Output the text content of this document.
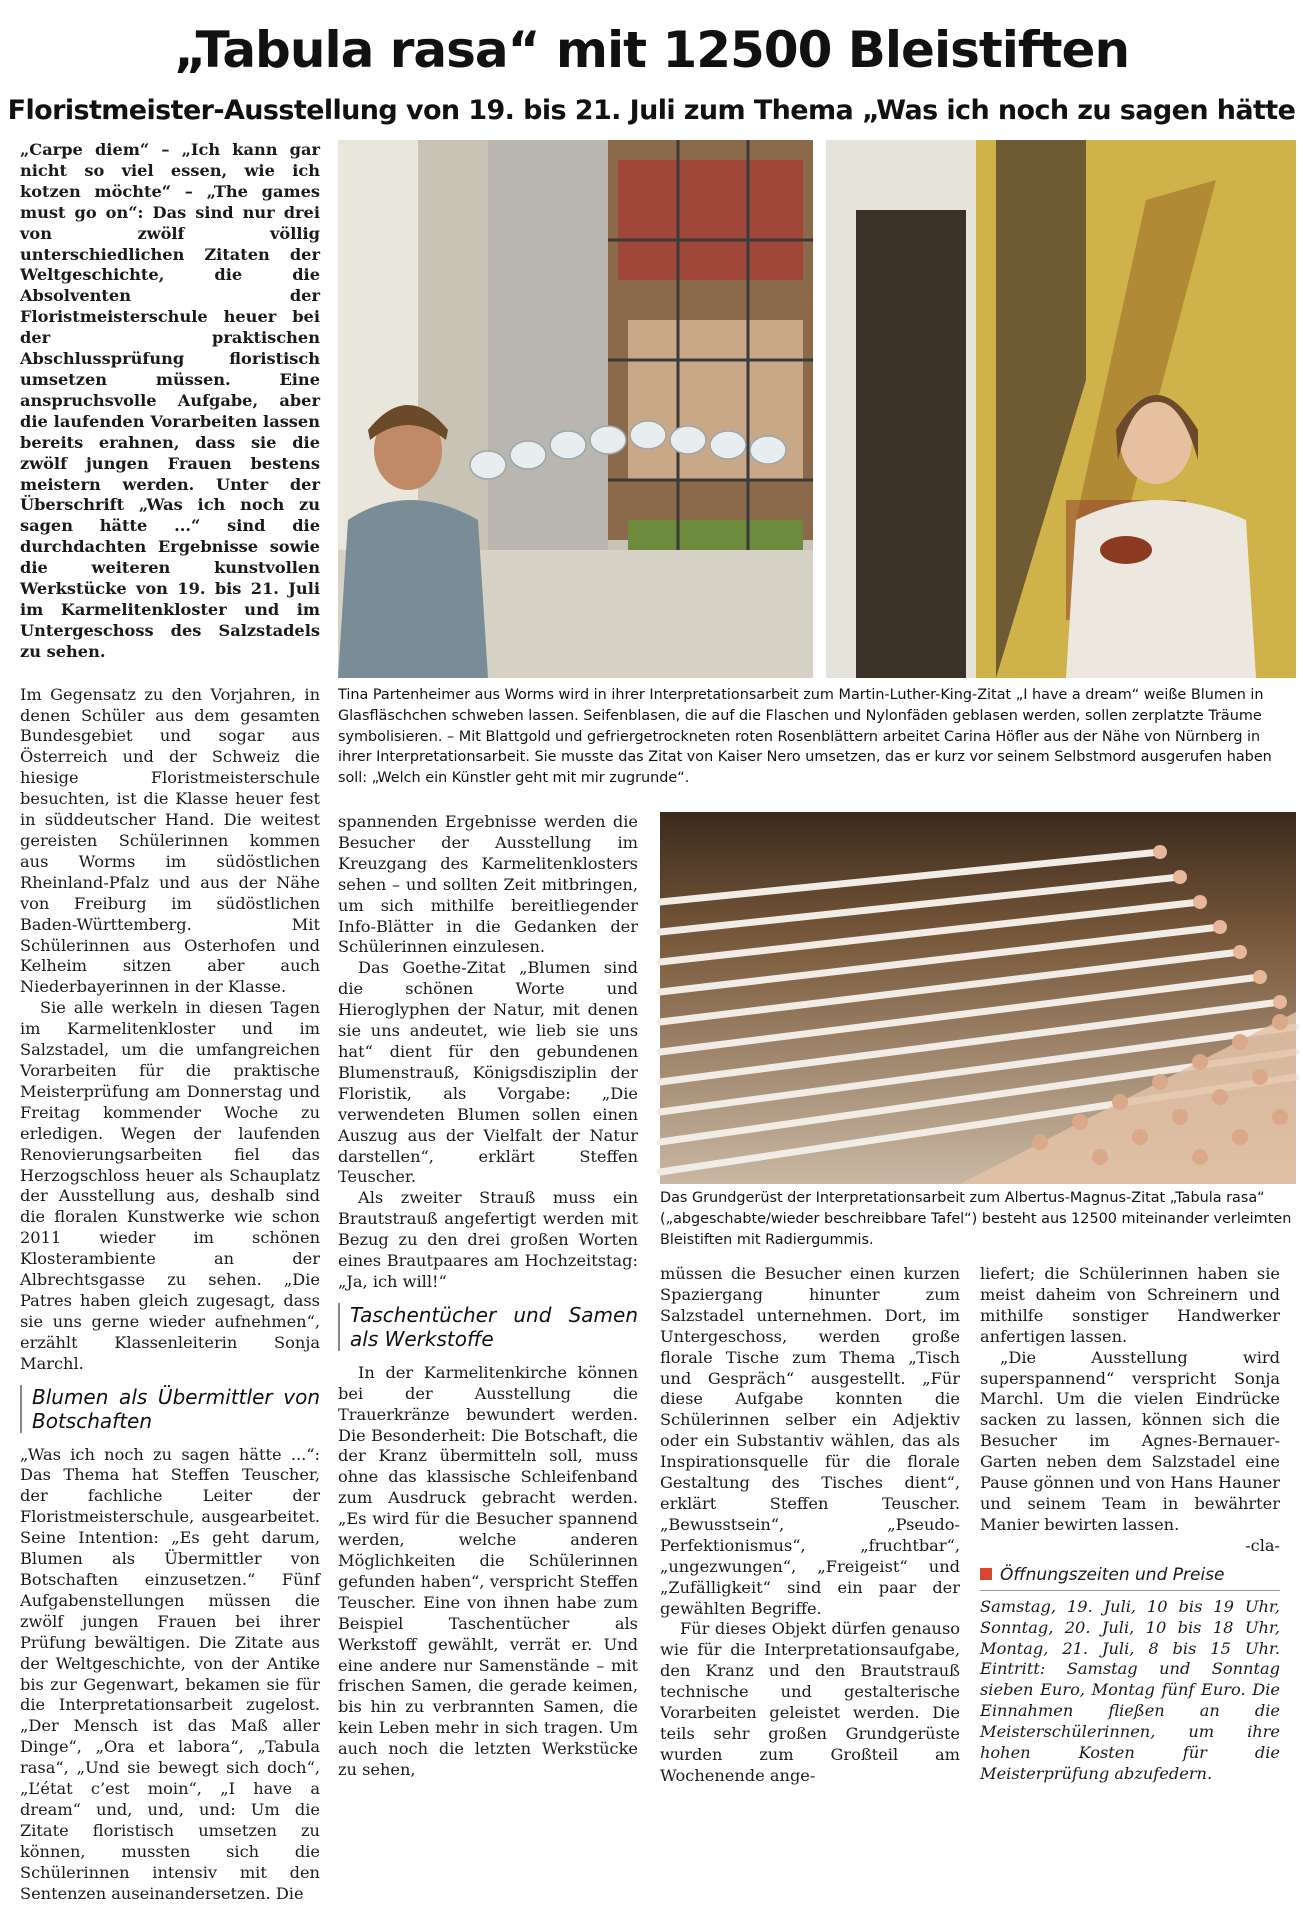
„Tabula rasa“ mit 12500 Bleistiften
Floristmeister-Ausstellung von 19. bis 21. Juli zum Thema „Was ich noch zu sagen hätte

„Carpe diem“ – „Ich kann gar nicht so viel essen, wie ich kotzen möchte“ – „The games must go on“: Das sind nur drei von zwölf völlig unterschiedlichen Zitaten der Weltgeschichte, die die Absolventen der Floristmeisterschule heuer bei der praktischen Abschlussprüfung floristisch umsetzen müssen. Eine anspruchsvolle Aufgabe, aber die laufenden Vorarbeiten lassen bereits erahnen, dass sie die zwölf jungen Frauen bestens meistern werden. Unter der Überschrift „Was ich noch zu sagen hätte ...“ sind die durchdachten Ergebnisse sowie die weiteren kunstvollen Werkstücke von 19. bis 21. Juli im Karmelitenkloster und im Untergeschoss des Salzstadels zu sehen.

Im Gegensatz zu den Vorjahren, in denen Schüler aus dem gesamten Bundesgebiet und sogar aus Österreich und der Schweiz die hiesige Floristmeisterschule besuchten, ist die Klasse heuer fest in süddeutscher Hand. Die weitest gereisten Schülerinnen kommen aus Worms im südöstlichen Rheinland-Pfalz und aus der Nähe von Freiburg im südöstlichen Baden-Württemberg. Mit Schülerinnen aus Osterhofen und Kelheim sitzen aber auch Niederbayerinnen in der Klasse.

Sie alle werkeln in diesen Tagen im Karmelitenkloster und im Salzstadel, um die umfangreichen Vorarbeiten für die praktische Meisterprüfung am Donnerstag und Freitag kommender Woche zu erledigen. Wegen der laufenden Renovierungsarbeiten fiel das Herzogschloss heuer als Schauplatz der Ausstellung aus, deshalb sind die floralen Kunstwerke wie schon 2011 wieder im schönen Klosterambiente an der Albrechtsgasse zu sehen. „Die Patres haben gleich zugesagt, dass sie uns gerne wieder aufnehmen“, erzählt Klassenleiterin Sonja Marchl.

Blumen als Übermittler von Botschaften

„Was ich noch zu sagen hätte ...“: Das Thema hat Steffen Teuscher, der fachliche Leiter der Floristmeisterschule, ausgearbeitet. Seine Intention: „Es geht darum, Blumen als Übermittler von Botschaften einzusetzen.“ Fünf Aufgabenstellungen müssen die zwölf jungen Frauen bei ihrer Prüfung bewältigen. Die Zitate aus der Weltgeschichte, von der Antike bis zur Gegenwart, bekamen sie für die Interpretationsarbeit zugelost. „Der Mensch ist das Maß aller Dinge“, „Ora et labora“, „Tabula rasa“, „Und sie bewegt sich doch“, „L’état c’est moin“, „I have a dream“ und, und, und: Um die Zitate floristisch umsetzen zu können, mussten sich die Schülerinnen intensiv mit den Sentenzen auseinandersetzen. Die

Tina Partenheimer aus Worms wird in ihrer Interpretationsarbeit zum Martin-Luther-King-Zitat „I have a dream“ weiße Blumen in Glasfläschchen schweben lassen. Seifenblasen, die auf die Flaschen und Nylonfäden geblasen werden, sollen zerplatzte Träume symbolisieren. – Mit Blattgold und gefriergetrockneten roten Rosenblättern arbeitet Carina Höfler aus der Nähe von Nürnberg in ihrer Interpretationsarbeit. Sie musste das Zitat von Kaiser Nero umsetzen, das er kurz vor seinem Selbstmord ausgerufen haben soll: „Welch ein Künstler geht mit mir zugrunde“.

spannenden Ergebnisse werden die Besucher der Ausstellung im Kreuzgang des Karmelitenklosters sehen – und sollten Zeit mitbringen, um sich mithilfe bereitliegender Info-Blätter in die Gedanken der Schülerinnen einzulesen.

Das Goethe-Zitat „Blumen sind die schönen Worte und Hieroglyphen der Natur, mit denen sie uns andeutet, wie lieb sie uns hat“ dient für den gebundenen Blumenstrauß, Königsdisziplin der Floristik, als Vorgabe: „Die verwendeten Blumen sollen einen Auszug aus der Vielfalt der Natur darstellen“, erklärt Steffen Teuscher.

Als zweiter Strauß muss ein Brautstrauß angefertigt werden mit Bezug zu den drei großen Worten eines Brautpaares am Hochzeitstag: „Ja, ich will!“

Taschentücher und Samen als Werkstoffe

In der Karmelitenkirche können bei der Ausstellung die Trauerkränze bewundert werden. Die Besonderheit: Die Botschaft, die der Kranz übermitteln soll, muss ohne das klassische Schleifenband zum Ausdruck gebracht werden. „Es wird für die Besucher spannend werden, welche anderen Möglichkeiten die Schülerinnen gefunden haben“, verspricht Steffen Teuscher. Eine von ihnen habe zum Beispiel Taschentücher als Werkstoff gewählt, verrät er. Und eine andere nur Samenstände – mit frischen Samen, die gerade keimen, bis hin zu verbrannten Samen, die kein Leben mehr in sich tragen. Um auch noch die letzten Werkstücke zu sehen,

Das Grundgerüst der Interpretationsarbeit zum Albertus-Magnus-Zitat „Tabula rasa“ („abgeschabte/wieder beschreibbare Tafel“) besteht aus 12500 miteinander verleimten Bleistiften mit Radiergummis.

müssen die Besucher einen kurzen Spaziergang hinunter zum Salzstadel unternehmen. Dort, im Untergeschoss, werden große florale Tische zum Thema „Tisch und Gespräch“ ausgestellt. „Für diese Aufgabe konnten die Schülerinnen selber ein Adjektiv oder ein Substantiv wählen, das als Inspirationsquelle für die florale Gestaltung des Tisches dient“, erklärt Steffen Teuscher. „Bewusstsein“, „Pseudo-Perfektionismus“, „fruchtbar“, „ungezwungen“, „Freigeist“ und „Zufälligkeit“ sind ein paar der gewählten Begriffe.

Für dieses Objekt dürfen genauso wie für die Interpretationsaufgabe, den Kranz und den Brautstrauß technische und gestalterische Vorarbeiten geleistet werden. Die teils sehr großen Grundgerüste wurden zum Großteil am Wochenende ange-

liefert; die Schülerinnen haben sie meist daheim von Schreinern und mithilfe sonstiger Handwerker anfertigen lassen.

„Die Ausstellung wird superspannend“ verspricht Sonja Marchl. Um die vielen Eindrücke sacken zu lassen, können sich die Besucher im Agnes-Bernauer-Garten neben dem Salzstadel eine Pause gönnen und von Hans Hauner und seinem Team in bewährter Manier bewirten lassen.

-cla-

Öffnungszeiten und Preise

Samstag, 19. Juli, 10 bis 19 Uhr, Sonntag, 20. Juli, 10 bis 18 Uhr, Montag, 21. Juli, 8 bis 15 Uhr. Eintritt: Samstag und Sonntag sieben Euro, Montag fünf Euro. Die Einnahmen fließen an die Meisterschülerinnen, um ihre hohen Kosten für die Meisterprüfung abzufedern.
